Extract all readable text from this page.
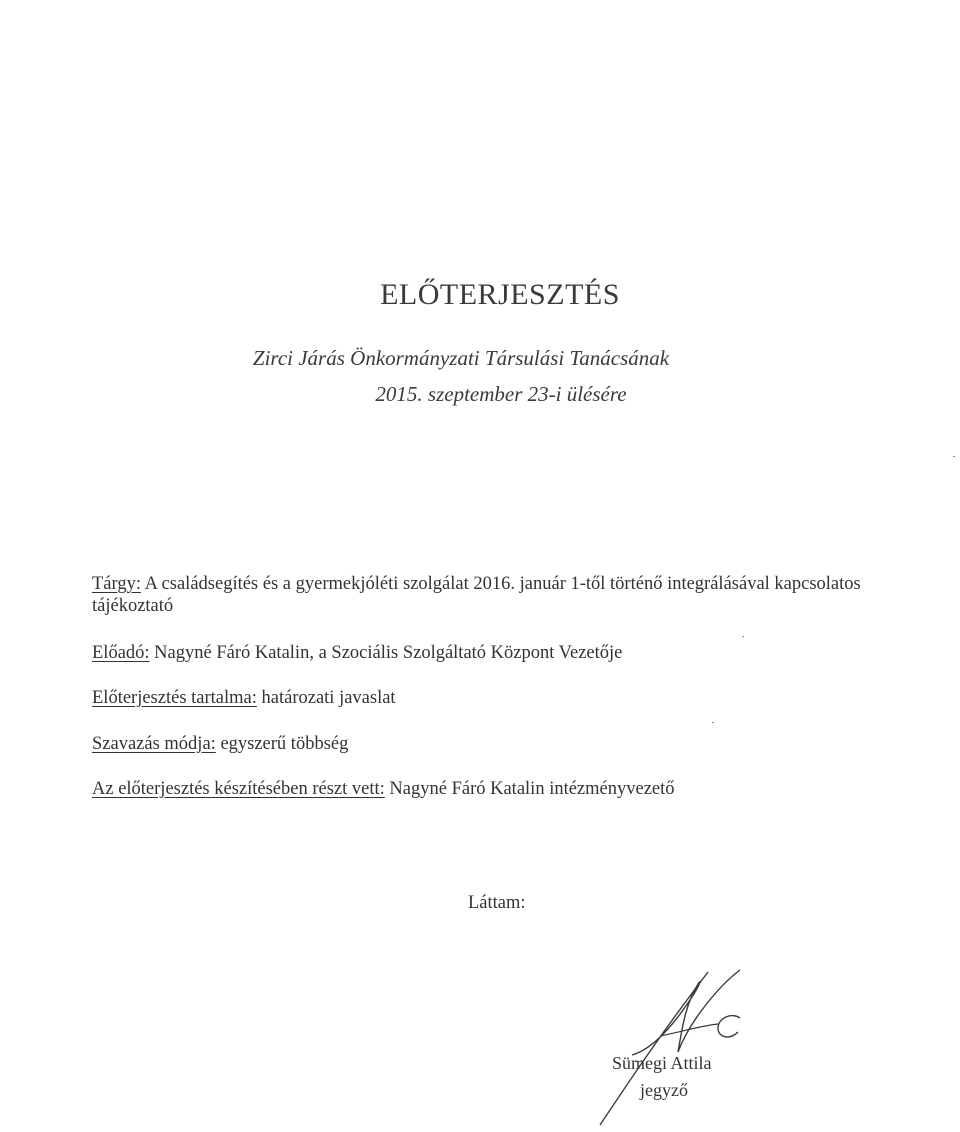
ELŐTERJESZTÉS
Zirci Járás Önkormányzati Társulási Tanácsának
2015. szeptember 23-i ülésére
Tárgy: A családsegítés és a gyermekjóléti szolgálat 2016. január 1-től történő integrálásával kapcsolatos
tájékoztató
Előadó: Nagyné Fáró Katalin, a Szociális Szolgáltató Központ Vezetője
Előterjesztés tartalma: határozati javaslat
Szavazás módja: egyszerű többség
Az előterjesztés készítésében részt vett: Nagyné Fáró Katalin intézményvezető
Láttam:
Sümegi Attila
jegyző
